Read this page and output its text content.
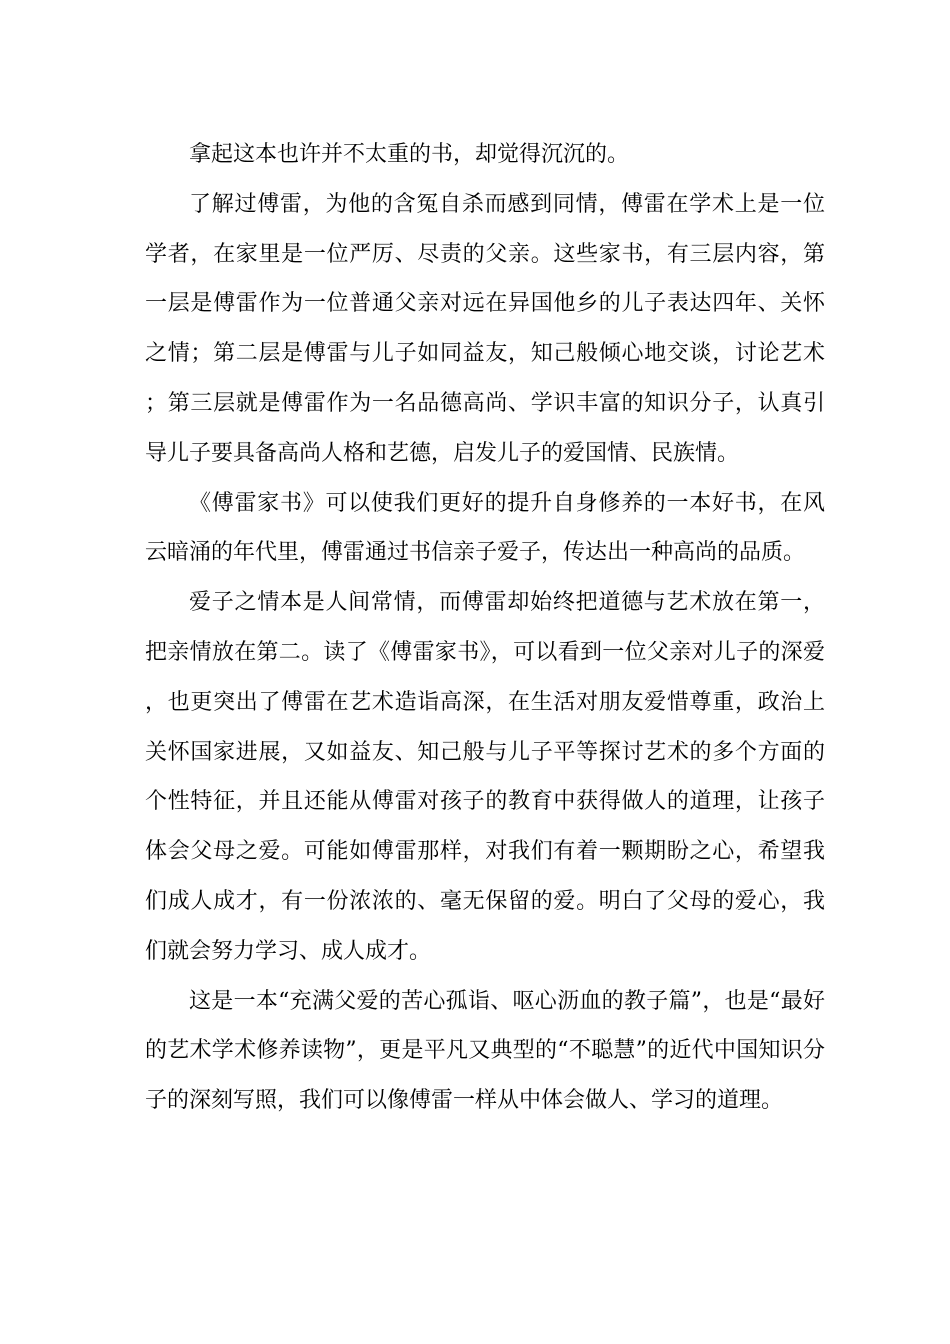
拿起这本也许并不太重的书，却觉得沉沉的。

了解过傅雷，为他的含冤自杀而感到同情，傅雷在学术上是一位学者，在家里是一位严厉、尽责的父亲。这些家书，有三层内容，第一层是傅雷作为一位普通父亲对远在异国他乡的儿子表达四年、关怀之情；第二层是傅雷与儿子如同益友，知己般倾心地交谈，讨论艺术；第三层就是傅雷作为一名品德高尚、学识丰富的知识分子，认真引导儿子要具备高尚人格和艺德，启发儿子的爱国情、民族情。

《傅雷家书》可以使我们更好的提升自身修养的一本好书，在风云暗涌的年代里，傅雷通过书信亲子爱子，传达出一种高尚的品质。

爱子之情本是人间常情，而傅雷却始终把道德与艺术放在第一，把亲情放在第二。读了《傅雷家书》，可以看到一位父亲对儿子的深爱，也更突出了傅雷在艺术造诣高深，在生活对朋友爱惜尊重，政治上关怀国家进展，又如益友、知己般与儿子平等探讨艺术的多个方面的个性特征，并且还能从傅雷对孩子的教育中获得做人的道理，让孩子体会父母之爱。可能如傅雷那样，对我们有着一颗期盼之心，希望我们成人成才，有一份浓浓的、毫无保留的爱。明白了父母的爱心，我们就会努力学习、成人成才。

这是一本“充满父爱的苦心孤诣、呕心沥血的教子篇”，也是“最好的艺术学术修养读物”，更是平凡又典型的“不聪慧”的近代中国知识分子的深刻写照，我们可以像傅雷一样从中体会做人、学习的道理。
